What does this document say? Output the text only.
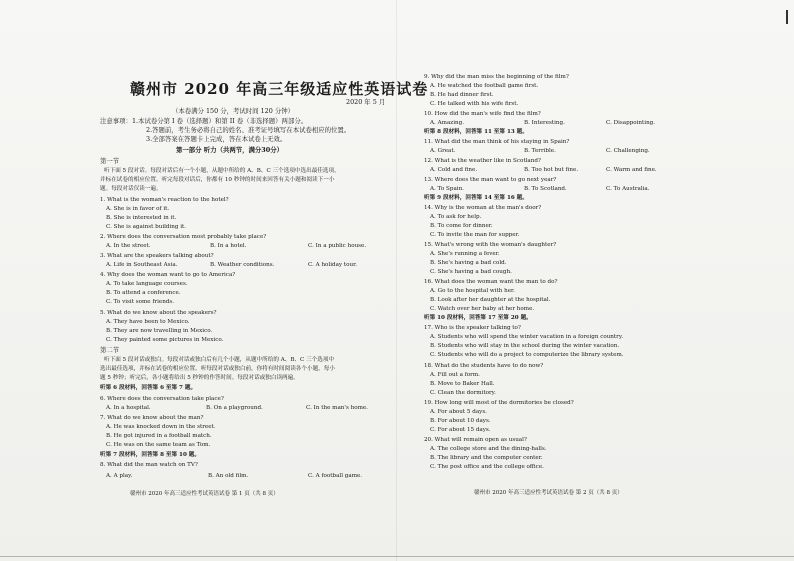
赣州市 2020 年高三年级适应性英语试卷
2020 年 5 月
（本卷满分 150 分，考试时间 120 分钟）
注意事项：1.本试卷分第 I 卷（选择题）和第 II 卷（非选择题）两部分。
2.答题前，考生务必将自己的姓名、准考证号填写在本试卷相应的位置。
3.全部答案在答题卡上完成，答在本试卷上无效。
第一部分 听力（共两节，满分30分）
第一节
听下面 5 段对话。每段对话后有一个小题，从题中所给的 A、B、C 三个选项中选出最佳选项，
并标在试卷的相应位置。听完每段对话后，你都有 10 秒钟的时间来回答有关小题和阅读下一小
题。每段对话仅读一遍。
1. What is the woman's reaction to the hotel?
A. She is in favor of it.
B. She is interested in it.
C. She is against building it.
2. Where does the conversation most probably take place?
A. In the street.	B. In a hotel.	C. In a public house.
3. What are the speakers talking about?
A. Life in Southeast Asia.	B. Weather conditions.	C. A holiday tour.
4. Why does the woman want to go to America?
A. To take language courses.
B. To attend a conference.
C. To visit some friends.
5. What do we know about the speakers?
A. They have been to Mexico.
B. They are now travelling in Mexico.
C. They painted some pictures in Mexico.
第二节
听下面 5 段对话或独白。每段对话或独白后有几个小题，从题中所给的 A、B、C 三个选项中
选出最佳选项，并标在试卷的相应位置。听每段对话或独白前，你将有时间阅读各个小题，每小
题 5 秒钟；听完后，各小题将给出 5 秒钟的作答时间。每段对话或独白读两遍。
听第 6 段材料，回答第 6 至第 7 题。
6. Where does the conversation take place?
A. In a hospital.	B. On a playground.	C. In the man's home.
7. What do we know about the man?
A. He was knocked down in the street.
B. He got injured in a football match.
C. He was on the same team as Tom.
听第 7 段材料，回答第 8 至第 10 题。
8. What did the man watch on TV?
A. A play.	B. An old film.	C. A football game.
赣州市 2020 年高三适应性考试英语试卷 第 1 页（共 8 页）
9. Why did the man miss the beginning of the film?
A. He watched the football game first.
B. He had dinner first.
C. He talked with his wife first.
10. How did the man's wife find the film?
A. Amazing.	B. Interesting.	C. Disappointing.
听第 8 段材料，回答第 11 至第 13 题。
11. What did the man think of his staying in Spain?
A. Great.	B. Terrible.	C. Challenging.
12. What is the weather like in Scotland?
A. Cold and fine.	B. Too hot but fine.	C. Warm and fine.
13. Where does the man want to go next year?
A. To Spain.	B. To Scotland.	C. To Australia.
听第 9 段材料，回答第 14 至第 16 题。
14. Why is the woman at the man's door?
A. To ask for help.
B. To come for dinner.
C. To invite the man for supper.
15. What's wrong with the woman's daughter?
A. She's running a fever.
B. She's having a bad cold.
C. She's having a bad cough.
16. What does the woman want the man to do?
A. Go to the hospital with her.
B. Look after her daughter at the hospital.
C. Watch over her baby at her home.
听第 10 段材料，回答第 17 至第 20 题。
17. Who is the speaker talking to?
A. Students who will spend the winter vacation in a foreign country.
B. Students who will stay in the school during the winter vacation.
C. Students who will do a project to computerize the library system.
18. What do the students have to do now?
A. Fill out a form.
B. Move to Baker Hall.
C. Clean the dormitory.
19. How long will most of the dormitories be closed?
A. For about 5 days.
B. For about 10 days.
C. For about 15 days.
20. What will remain open as usual?
A. The college store and the dining-halls.
B. The library and the computer center.
C. The post office and the college office.
赣州市 2020 年高三适应性考试英语试卷 第 2 页（共 8 页）
